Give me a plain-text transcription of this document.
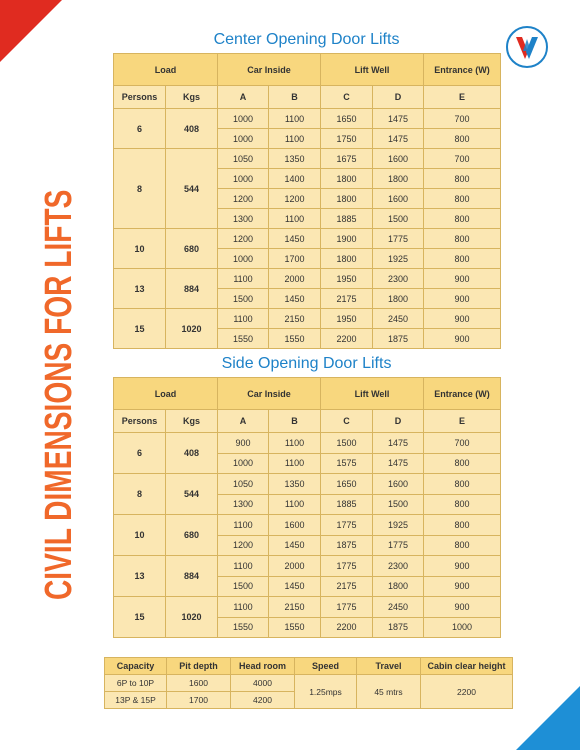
CIVIL DIMENSIONS FOR LIFTS
Center Opening Door Lifts
Load		Car Inside		Lift Well		Entrance (W)
Persons	Kgs	A	B	C	D	E
6	408	1000	1100	1650	1475	700
		1000	1100	1750	1475	800
8	544	1050	1350	1675	1600	700
		1000	1400	1800	1800	800
		1200	1200	1800	1600	800
		1300	1100	1885	1500	800
10	680	1200	1450	1900	1775	800
		1000	1700	1800	1925	800
13	884	1100	2000	1950	2300	900
		1500	1450	2175	1800	900
15	1020	1100	2150	1950	2450	900
		1550	1550	2200	1875	900
Side Opening Door Lifts
Load		Car Inside		Lift Well		Entrance (W)
Persons	Kgs	A	B	C	D	E
6	408	900	1100	1500	1475	700
		1000	1100	1575	1475	800
8	544	1050	1350	1650	1600	800
		1300	1100	1885	1500	800
10	680	1100	1600	1775	1925	800
		1200	1450	1875	1775	800
13	884	1100	2000	1775	2300	900
		1500	1450	2175	1800	900
15	1020	1100	2150	1775	2450	900
		1550	1550	2200	1875	1000
Capacity	Pit depth	Head room	Speed	Travel	Cabin clear height
6P to 10P	1600	4000	1.25mps	45 mtrs	2200
13P & 15P	1700	4200			
